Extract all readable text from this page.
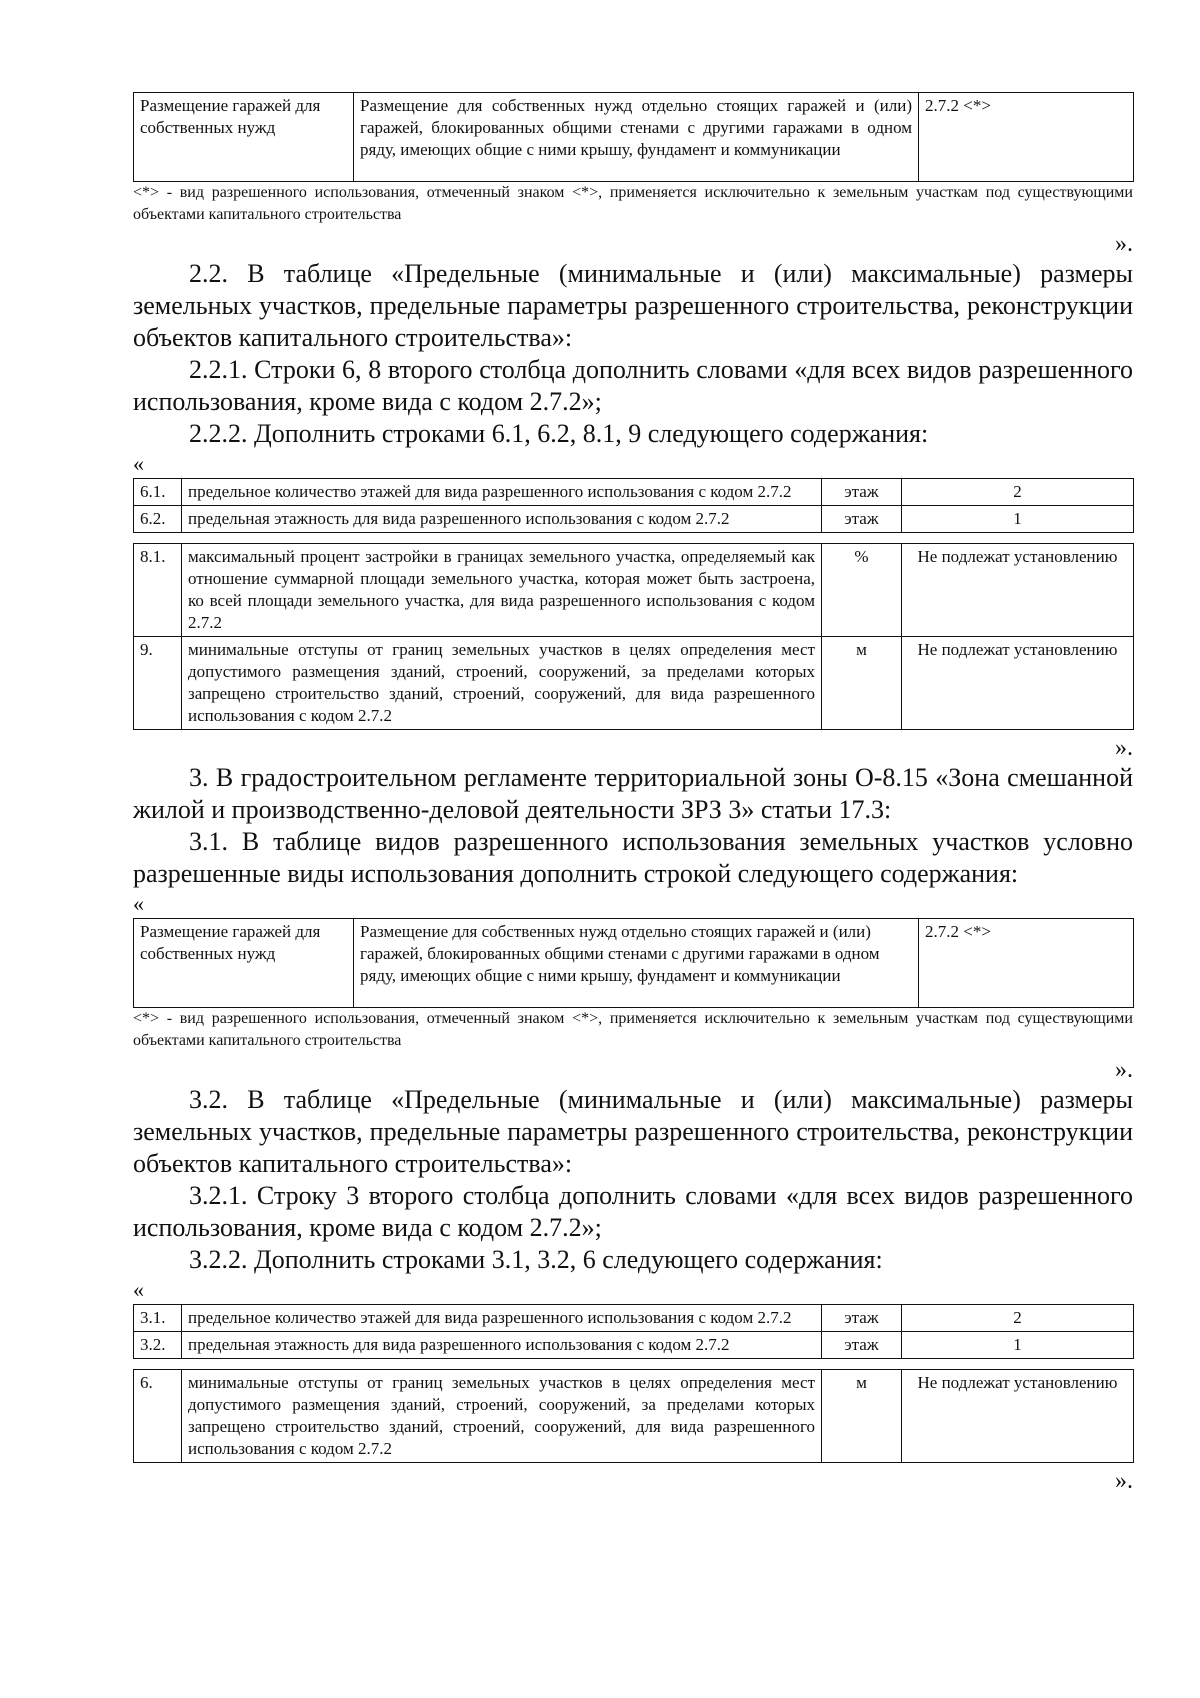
Размещение гаражей для собственных нужд	Размещение для собственных нужд отдельно стоящих гаражей и (или) гаражей, блокированных общими стенами с другими гаражами в одном ряду, имеющих общие с ними крышу, фундамент и коммуникации	2.7.2 <*>

<*> - вид разрешенного использования, отмеченный знаком <*>, применяется исключительно к земельным участкам под существующими объектами капитального строительства

».

2.2. В таблице «Предельные (минимальные и (или) максимальные) размеры земельных участков, предельные параметры разрешенного строительства, реконструкции объектов капитального строительства»:

2.2.1. Строки 6, 8 второго столбца дополнить словами «для всех видов разрешенного использования, кроме вида с кодом 2.7.2»;

2.2.2. Дополнить строками 6.1, 6.2, 8.1, 9 следующего содержания:

«

6.1.	предельное количество этажей для вида разрешенного использования с кодом 2.7.2	этаж	2
6.2.	предельная этажность для вида разрешенного использования с кодом 2.7.2	этаж	1
8.1.	максимальный процент застройки в границах земельного участка, определяемый как отношение суммарной площади земельного участка, которая может быть застроена, ко всей площади земельного участка, для вида разрешенного использования с кодом 2.7.2	%	Не подлежат установлению
9.	минимальные отступы от границ земельных участков в целях определения мест допустимого размещения зданий, строений, сооружений, за пределами которых запрещено строительство зданий, строений, сооружений, для вида разрешенного использования с кодом 2.7.2	м	Не подлежат установлению

».

3. В градостроительном регламенте территориальной зоны О-8.15 «Зона смешанной жилой и производственно-деловой деятельности ЗРЗ 3» статьи 17.3:

3.1. В таблице видов разрешенного использования земельных участков условно разрешенные виды использования дополнить строкой следующего содержания:

«

Размещение гаражей для собственных нужд	Размещение для собственных нужд отдельно стоящих гаражей и (или) гаражей, блокированных общими стенами с другими гаражами в одном ряду, имеющих общие с ними крышу, фундамент и коммуникации	2.7.2 <*>

<*> - вид разрешенного использования, отмеченный знаком <*>, применяется исключительно к земельным участкам под существующими объектами капитального строительства

».

3.2. В таблице «Предельные (минимальные и (или) максимальные) размеры земельных участков, предельные параметры разрешенного строительства, реконструкции объектов капитального строительства»:

3.2.1. Строку 3 второго столбца дополнить словами «для всех видов разрешенного использования, кроме вида с кодом 2.7.2»;

3.2.2. Дополнить строками 3.1, 3.2, 6 следующего содержания:

«

3.1.	предельное количество этажей для вида разрешенного использования с кодом 2.7.2	этаж	2
3.2.	предельная этажность для вида разрешенного использования с кодом 2.7.2	этаж	1
6.	минимальные отступы от границ земельных участков в целях определения мест допустимого размещения зданий, строений, сооружений, за пределами которых запрещено строительство зданий, строений, сооружений, для вида разрешенного использования с кодом 2.7.2	м	Не подлежат установлению

».
